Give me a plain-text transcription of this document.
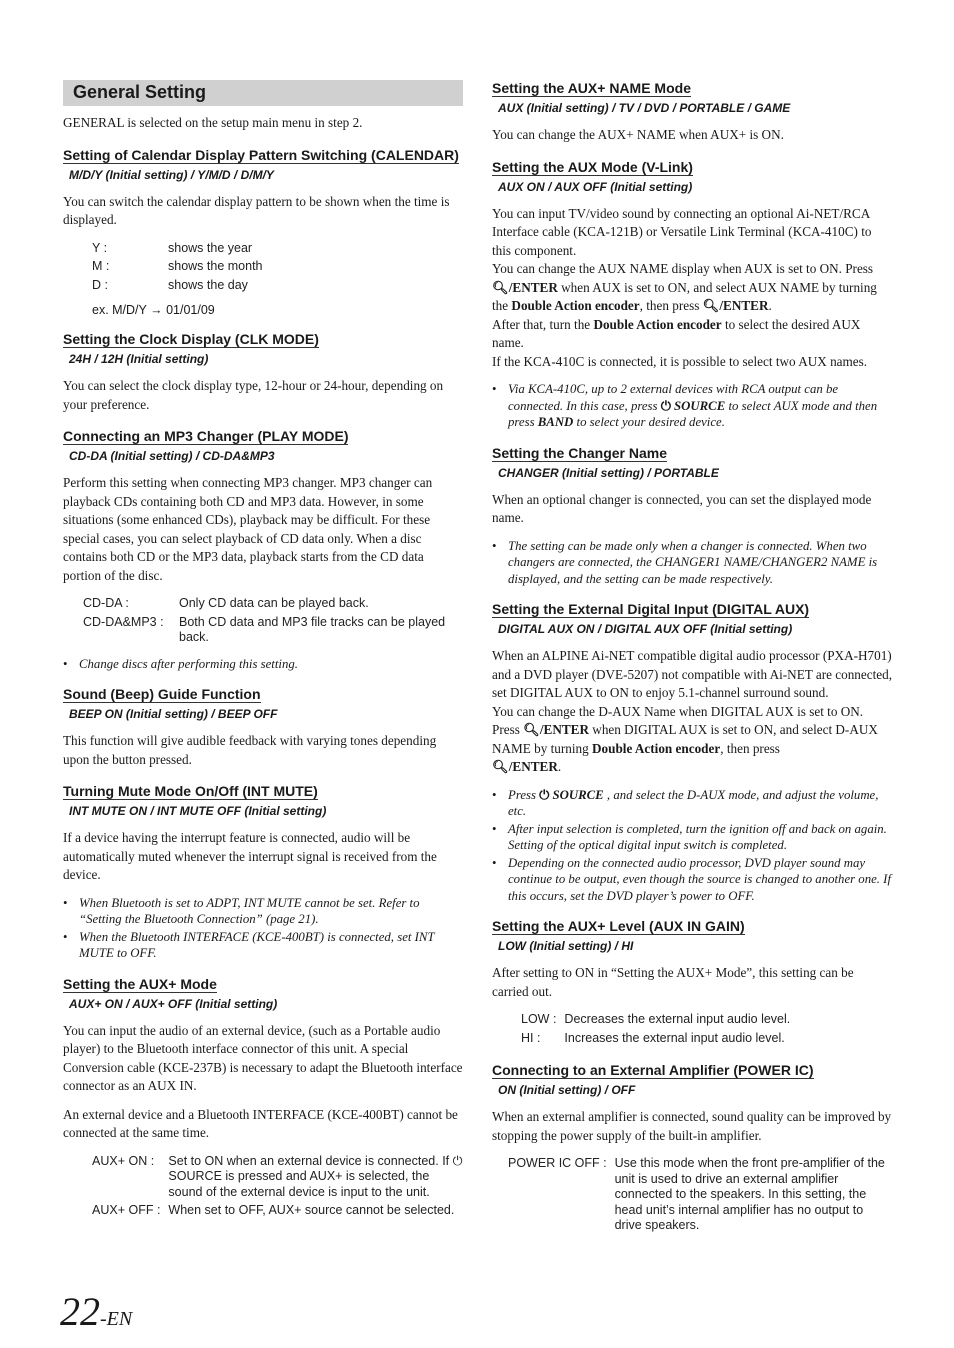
General Setting

GENERAL is selected on the setup main menu in step 2.

Setting of Calendar Display Pattern Switching (CALENDAR)
M/D/Y (Initial setting) / Y/M/D / D/M/Y

You can switch the calendar display pattern to be shown when the time is displayed.

Y :	shows the year
M :	shows the month
D :	shows the day
ex. M/D/Y → 01/01/09
Setting the Clock Display (CLK MODE)
24H / 12H (Initial setting)

You can select the clock display type, 12-hour or 24-hour, depending on your preference.

Connecting an MP3 Changer (PLAY MODE)
CD-DA (Initial setting) / CD-DA&MP3

Perform this setting when connecting MP3 changer. MP3 changer can playback CDs containing both CD and MP3 data. However, in some situations (some enhanced CDs), playback may be difficult. For these special cases, you can select playback of CD data only. When a disc contains both CD or the MP3 data, playback starts from the CD data portion of the disc.

CD-DA :	Only CD data can be played back.
CD-DA&MP3 :	Both CD data and MP3 file tracks can be played back.
• Change discs after performing this setting.
Sound (Beep) Guide Function
BEEP ON (Initial setting) / BEEP OFF

This function will give audible feedback with varying tones depending upon the button pressed.

Turning Mute Mode On/Off (INT MUTE)
INT MUTE ON / INT MUTE OFF (Initial setting)

If a device having the interrupt feature is connected, audio will be automatically muted whenever the interrupt signal is received from the device.

• When Bluetooth is set to ADPT, INT MUTE cannot be set. Refer to “Setting the Bluetooth Connection” (page 21).
• When the Bluetooth INTERFACE (KCE-400BT) is connected, set INT MUTE to OFF.
Setting the AUX+ Mode
AUX+ ON / AUX+ OFF (Initial setting)

You can input the audio of an external device, (such as a Portable audio player) to the Bluetooth interface connector of this unit. A special Conversion cable (KCE-237B) is necessary to adapt the Bluetooth interface connector as an AUX IN.

An external device and a Bluetooth INTERFACE (KCE-400BT) cannot be connected at the same time.

AUX+ ON :	Set to ON when an external device is connected. If ⏻ SOURCE is pressed and AUX+ is selected, the sound of the external device is input to the unit.
AUX+ OFF :	When set to OFF, AUX+ source cannot be selected.
Setting the AUX+ NAME Mode
AUX (Initial setting) / TV / DVD / PORTABLE / GAME

You can change the AUX+ NAME when AUX+ is ON.

Setting the AUX Mode (V-Link)
AUX ON / AUX OFF (Initial setting)

You can input TV/video sound by connecting an optional Ai-NET/RCA Interface cable (KCA-121B) or Versatile Link Terminal (KCA-410C) to this component.

You can change the AUX NAME display when AUX is set to ON. Press
🔍︎/ENTER when AUX is set to ON, and select AUX NAME by turning the Double Action encoder, then press 🔍︎/ENTER.

After that, turn the Double Action encoder to select the desired AUX name.

If the KCA-410C is connected, it is possible to select two AUX names.

• Via KCA-410C, up to 2 external devices with RCA output can be connected. In this case, press ⏻ SOURCE to select AUX mode and then press BAND to select your desired device.
Setting the Changer Name
CHANGER (Initial setting) / PORTABLE

When an optional changer is connected, you can set the displayed mode name.

• The setting can be made only when a changer is connected. When two changers are connected, the CHANGER1 NAME/CHANGER2 NAME is displayed, and the setting can be made respectively.
Setting the External Digital Input (DIGITAL AUX)
DIGITAL AUX ON / DIGITAL AUX OFF (Initial setting)

When an ALPINE Ai-NET compatible digital audio processor (PXA-H701) and a DVD player (DVE-5207) not compatible with Ai-NET are connected, set DIGITAL AUX to ON to enjoy 5.1-channel surround sound.

You can change the D-AUX Name when DIGITAL AUX is set to ON. Press 🔍︎/ENTER when DIGITAL AUX is set to ON, and select D-AUX NAME by turning Double Action encoder, then press
🔍︎/ENTER.

• Press ⏻ SOURCE , and select the D-AUX mode, and adjust the volume, etc.
• After input selection is completed, turn the ignition off and back on again. Setting of the optical digital input switch is completed.
• Depending on the connected audio processor, DVD player sound may continue to be output, even though the source is changed to another one. If this occurs, set the DVD player’s power to OFF.
Setting the AUX+ Level (AUX IN GAIN)
LOW (Initial setting) / HI

After setting to ON in “Setting the AUX+ Mode”, this setting can be carried out.

LOW :	Decreases the external input audio level.
HI :	Increases the external input audio level.
Connecting to an External Amplifier (POWER IC)
ON (Initial setting) / OFF

When an external amplifier is connected, sound quality can be improved by stopping the power supply of the built-in amplifier.

POWER IC OFF :	Use this mode when the front pre-amplifier of the unit is used to drive an external amplifier connected to the speakers. In this setting, the head unit’s internal amplifier has no output to drive speakers.
22-EN
